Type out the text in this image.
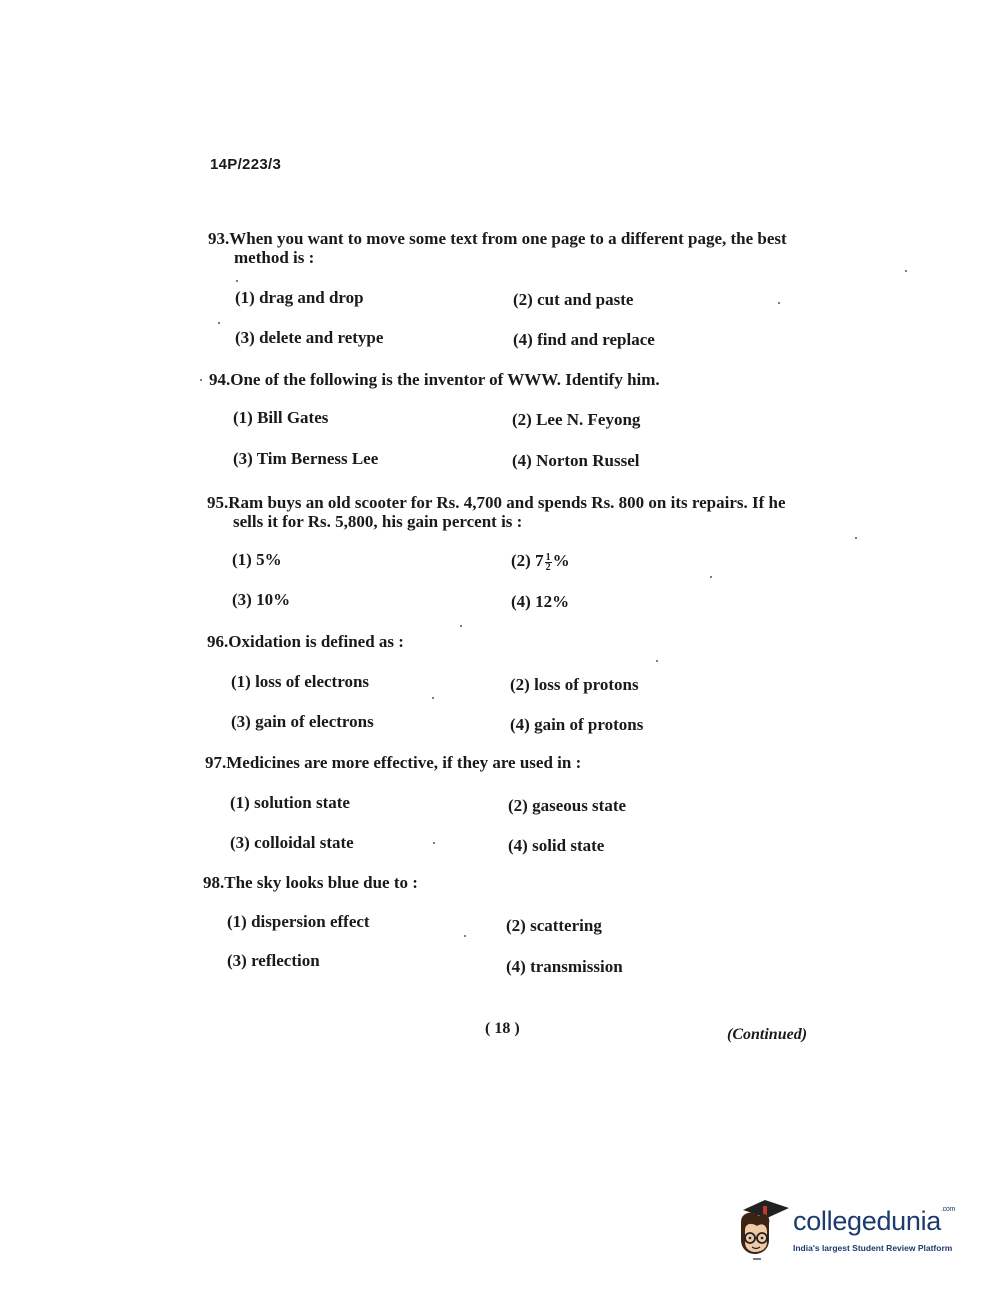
14P/223/3
93.When you want to move some text from one page to a different page, the best
method is :
(1) drag and drop	(2) cut and paste
(3) delete and retype	(4) find and replace
94.One of the following is the inventor of WWW. Identify him.
(1) Bill Gates	(2) Lee N. Feyong
(3) Tim Berness Lee	(4) Norton Russel
95.Ram buys an old scooter for Rs. 4,700 and spends Rs. 800 on its repairs. If he
sells it for Rs. 5,800, his gain percent is :
(1) 5%	(2) $7 \frac{1}{2}$ %
(3) 10%	(4) 12%
96.Oxidation is defined as :
(1) loss of electrons	(2) loss of protons
(3) gain of electrons	(4) gain of protons
97.Medicines are more effective, if they are used in :
(1) solution state	(2) gaseous state
(3) colloidal state	(4) solid state
98.The sky looks blue due to :
(1) dispersion effect	(2) scattering
(3) reflection	(4) transmission
( 18 )	(Continued)
collegedunia$^{.com}$
India's largest Student Review Platform
